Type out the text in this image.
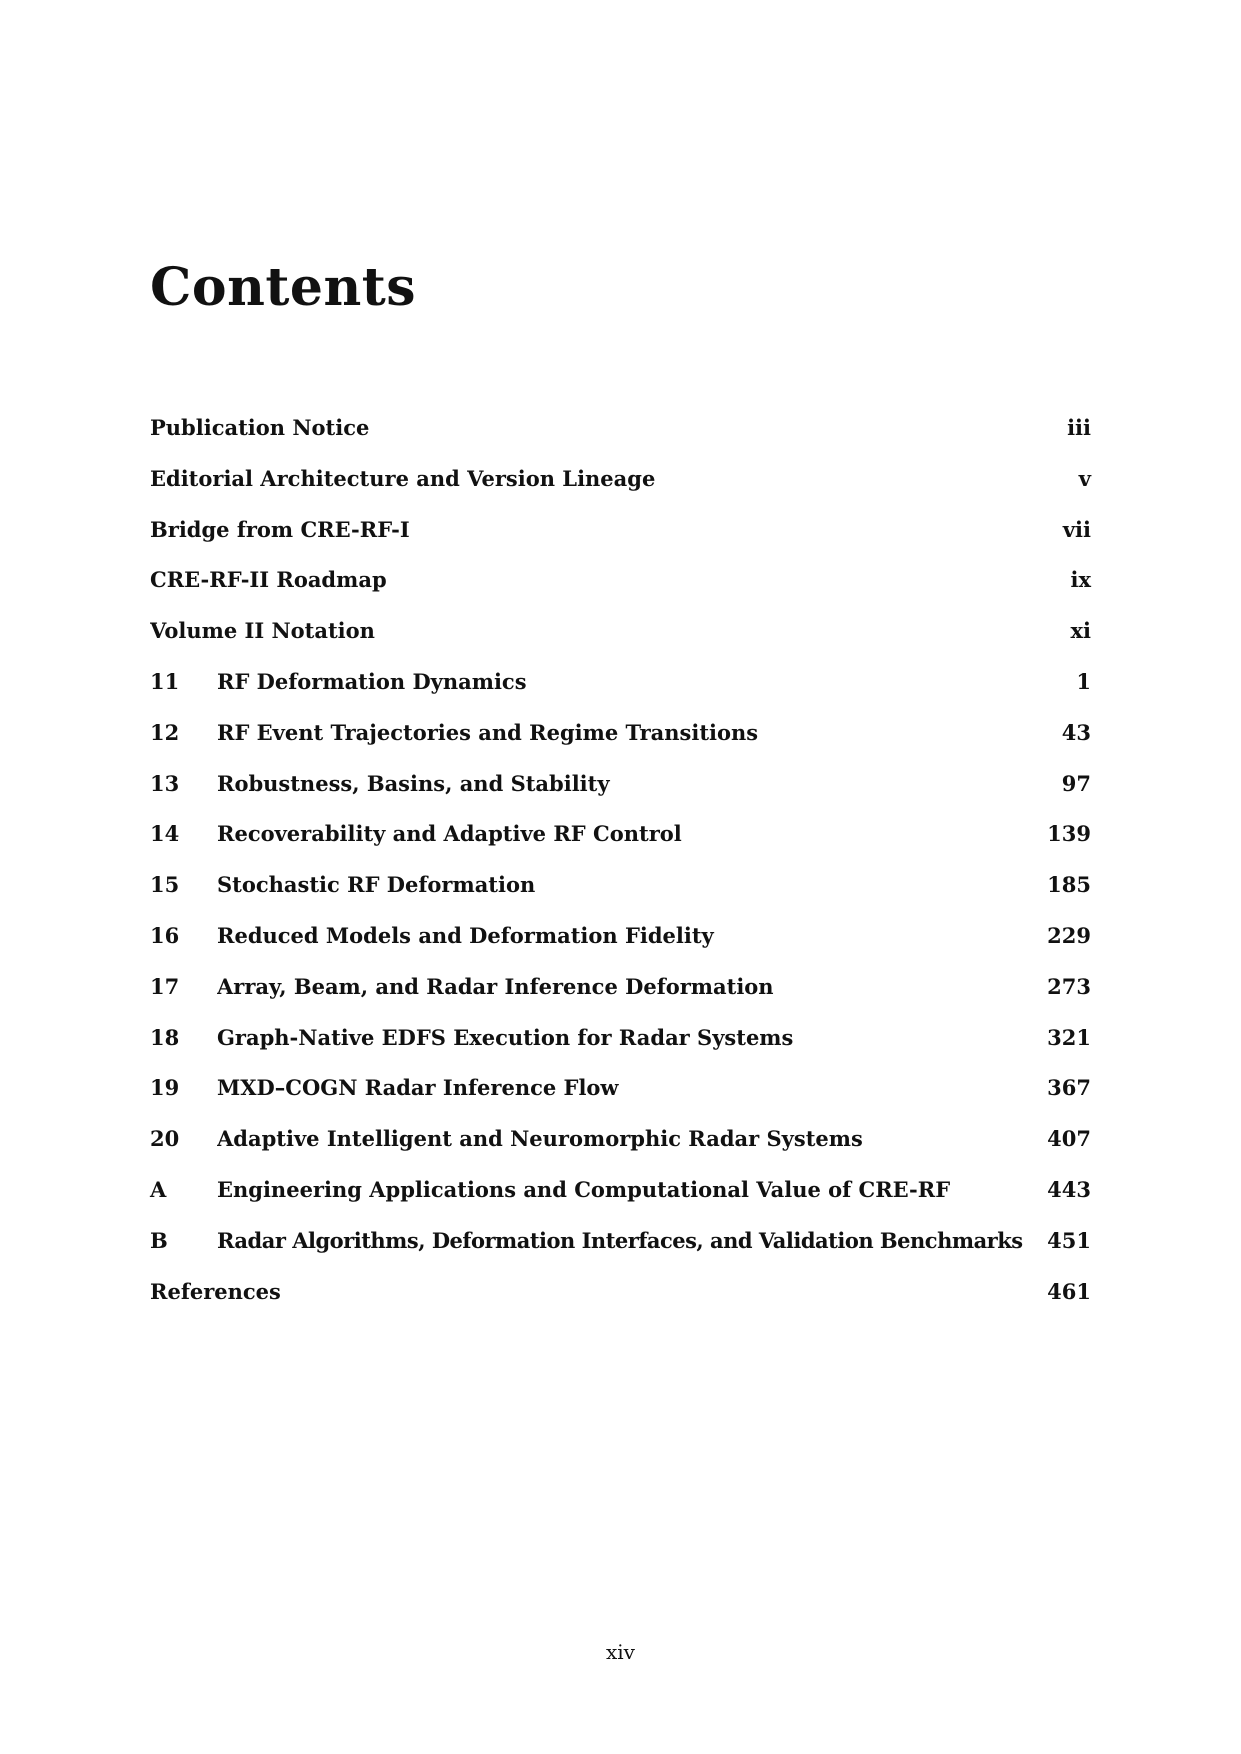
Contents
Publication Notice	iii
Editorial Architecture and Version Lineage	v
Bridge from CRE-RF-I	vii
CRE-RF-II Roadmap	ix
Volume II Notation	xi
11	RF Deformation Dynamics	1
12	RF Event Trajectories and Regime Transitions	43
13	Robustness, Basins, and Stability	97
14	Recoverability and Adaptive RF Control	139
15	Stochastic RF Deformation	185
16	Reduced Models and Deformation Fidelity	229
17	Array, Beam, and Radar Inference Deformation	273
18	Graph-Native EDFS Execution for Radar Systems	321
19	MXD–COGN Radar Inference Flow	367
20	Adaptive Intelligent and Neuromorphic Radar Systems	407
A	Engineering Applications and Computational Value of CRE-RF	443
B	Radar Algorithms, Deformation Interfaces, and Validation Benchmarks	451
References	461
xiv
